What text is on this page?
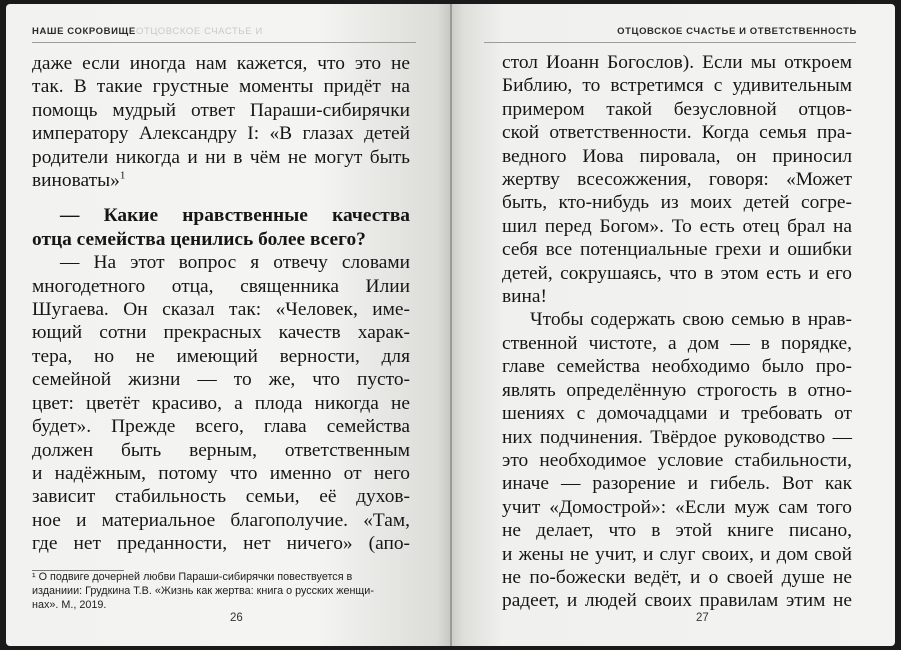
НАШЕ СОКРОВИЩЕ ОТЦОВСКОЕ СЧАСТЬЕ И
даже если иногда нам кажется, что это не
так. В такие грустные моменты придёт на
помощь мудрый ответ Параши-сибирячки
императору Александру I: «В глазах детей
родители никогда и ни в чём не могут быть
виноваты»$^1$
— Какие нравственные качества
отца семейства ценились более всего?
— На этот вопрос я отвечу словами
многодетного отца, священника Илии
Шугаева. Он сказал так: «Человек, име-
ющий сотни прекрасных качеств харак-
тера, но не имеющий верности, для
семейной жизни — то же, что пусто-
цвет: цветёт красиво, а плода никогда не
будет». Прежде всего, глава семейства
должен быть верным, ответственным
и надёжным, потому что именно от него
зависит стабильность семьи, её духов-
ное и материальное благополучие. «Там,
где нет преданности, нет ничего» (апо-
¹ О подвиге дочерней любви Параши-сибирячки повествуется в
изданиии: Грудкина Т.В. «Жизнь как жертва: книга о русских женщи-
нах». М., 2019.
26
ОТЦОВСКОЕ СЧАСТЬЕ И ОТВЕТСТВЕННОСТЬ
стол Иоанн Богослов). Если мы откроем
Библию, то встретимся с удивительным
примером такой безусловной отцов-
ской ответственности. Когда семья пра-
ведного Иова пировала, он приносил
жертву всесожжения, говоря: «Может
быть, кто-нибудь из моих детей согре-
шил перед Богом». То есть отец брал на
себя все потенциальные грехи и ошибки
детей, сокрушаясь, что в этом есть и его
вина!
Чтобы содержать свою семью в нрав-
ственной чистоте, а дом — в порядке,
главе семейства необходимо было про-
являть определённую строгость в отно-
шениях с домочадцами и требовать от
них подчинения. Твёрдое руководство —
это необходимое условие стабильности,
иначе — разорение и гибель. Вот как
учит «Домострой»: «Если муж сам того
не делает, что в этой книге писано,
и жены не учит, и слуг своих, и дом свой
не по-божески ведёт, и о своей душе не
радеет, и людей своих правилам этим не
27
